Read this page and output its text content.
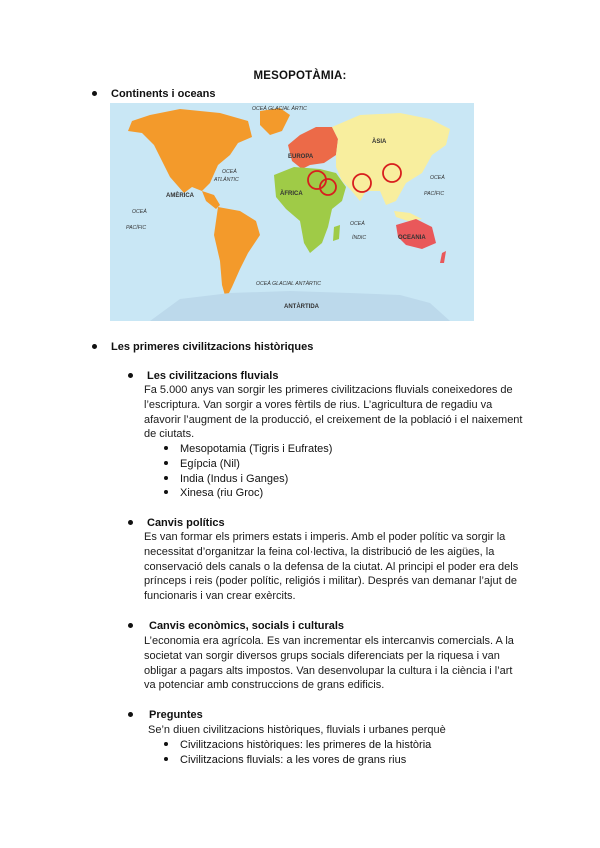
MESOPOTÀMIA:
Continents i oceans
OCEÀ GLACIAL ÀRTIC
OCEÀ
ATLÀNTIC
OCEÀ
PACÍFIC
OCEÀ
PACÍFIC
OCEÀ
ÍNDIC
OCEÀ GLACIAL ANTÀRTIC
EUROPA
ÀSIA
AMÈRICA	ÀFRICA
OCEANIA
ANTÀRTIDA
Les primeres civilitzacions històriques
Les civilitzacions fluvials
Fa 5.000 anys van sorgir les primeres civilitzacions fluvials coneixedores de
l’escriptura. Van sorgir a vores fèrtils de rius. L’agricultura de regadiu va
afavorir l’augment de la producció, el creixement de la població i el naixement
de ciutats.
Mesopotamia (Tigris i Eufrates)
Egípcia (Nil)
India (Indus i Ganges)
Xinesa (riu Groc)
Canvis polítics
Es van formar els primers estats i imperis. Amb el poder polític va sorgir la
necessitat d’organitzar la feina col·lectiva, la distribució de les aigües, la
conservació dels canals o la defensa de la ciutat. Al principi el poder era dels
prínceps i reis (poder polític, religiós i militar). Després van demanar l’ajut de
funcionaris i van crear exèrcits.
Canvis econòmics, socials i culturals
L’economia era agrícola. Es van incrementar els intercanvis comercials. A la
societat van sorgir diversos grups socials diferenciats per la riquesa i van
obligar a pagars alts impostos. Van desenvolupar la cultura i la ciència i l’art
va potenciar amb construccions de grans edificis.
Preguntes
Se’n diuen civilitzacions històriques, fluvials i urbanes perquè
Civilitzacions històriques: les primeres de la història
Civilitzacions fluvials: a les vores de grans rius
